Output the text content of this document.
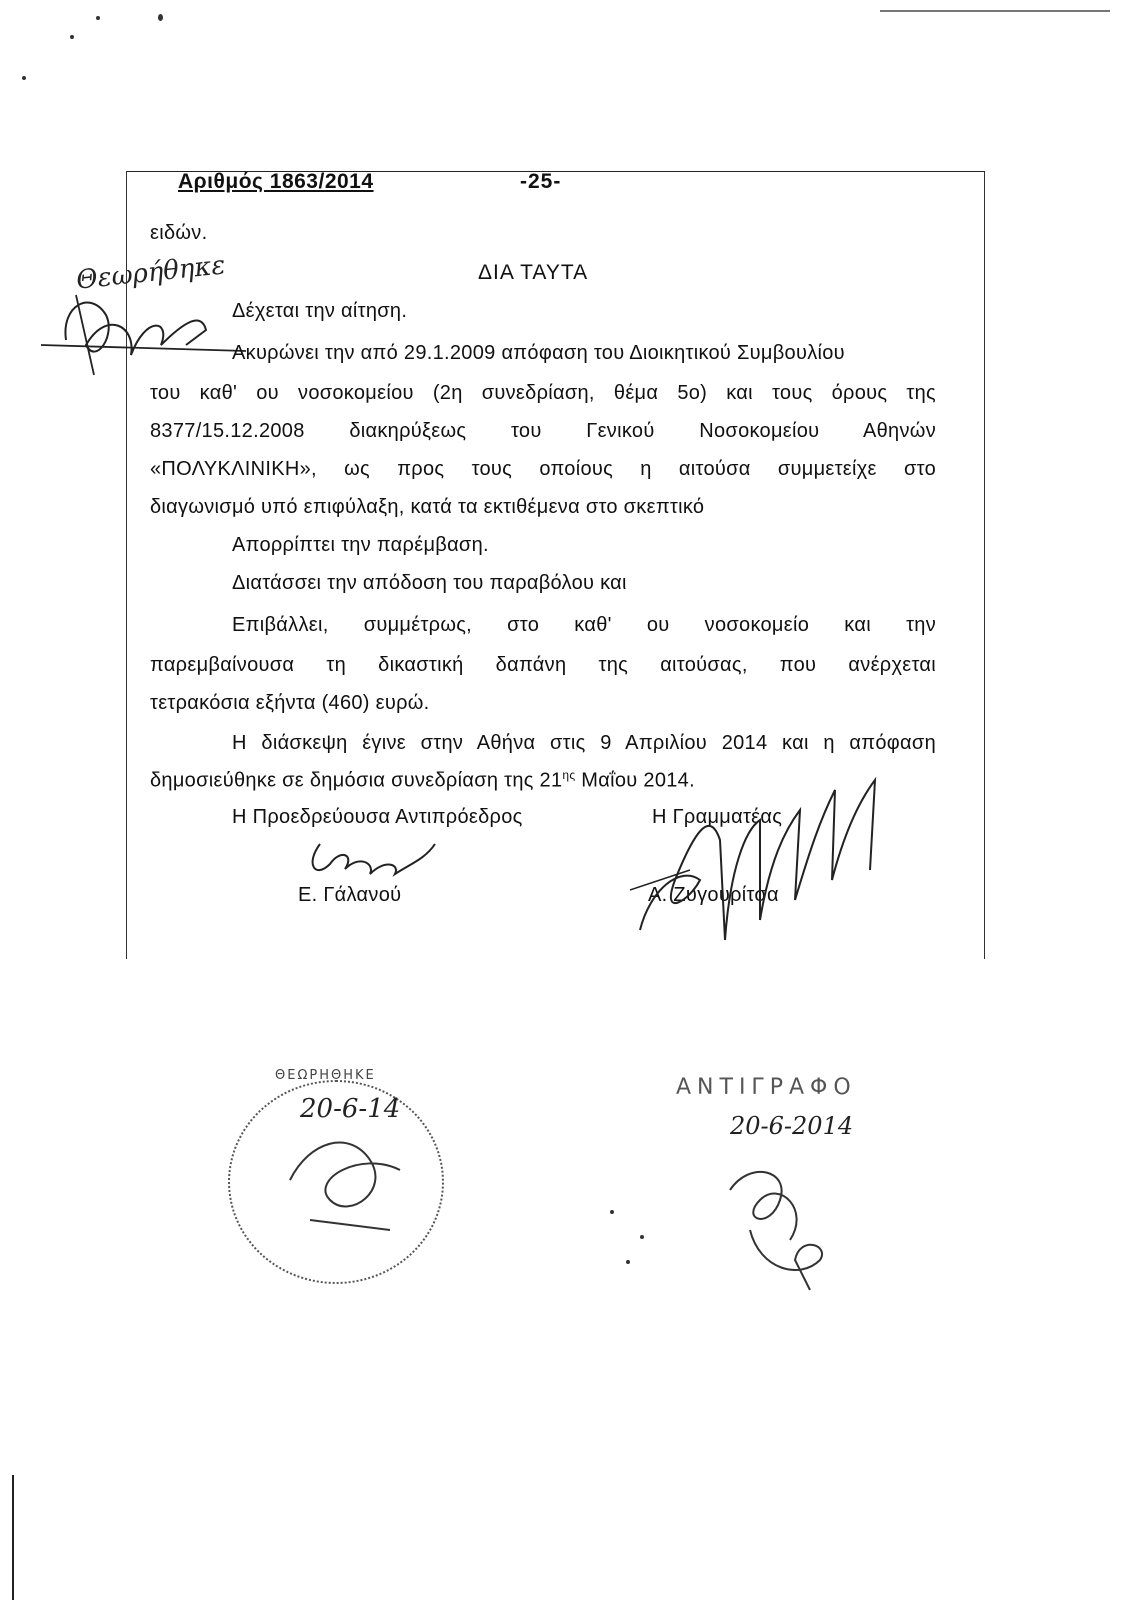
Αριθμός 1863/2014	-25-
ειδών.
ΔΙΑ ΤΑΥΤΑ
Θεωρήθηκε
Δέχεται την αίτηση.
Ακυρώνει την από 29.1.2009 απόφαση του Διοικητικού Συμβουλίου
του καθ' ου νοσοκομείου (2η συνεδρίαση, θέμα 5ο) και τους όρους της
8377/15.12.2008 διακηρύξεως του Γενικού Νοσοκομείου Αθηνών
«ΠΟΛΥΚΛΙΝΙΚΗ», ως προς τους οποίους η αιτούσα συμμετείχε στο
διαγωνισμό υπό επιφύλαξη, κατά τα εκτιθέμενα στο σκεπτικό
Απορρίπτει την παρέμβαση.
Διατάσσει την απόδοση του παραβόλου και
Επιβάλλει, συμμέτρως, στο καθ' ου νοσοκομείο και την
παρεμβαίνουσα τη δικαστική δαπάνη της αιτούσας, που ανέρχεται
τετρακόσια εξήντα (460) ευρώ.
Η διάσκεψη έγινε στην Αθήνα στις 9 Απριλίου 2014 και η απόφαση
δημοσιεύθηκε σε δημόσια συνεδρίαση της $21^{\eta\varsigma}$ Μαΐου 2014.
Η Προεδρεύουσα Αντιπρόεδρος
Ε. Γάλανού
Η Γραμματέας
Α. Ζυγουρίτσα
ΘΕΩΡΗΘΗΚΕ
20-6-14
ΑΝΤΙΓΡΑΦΟ
20-6-2014
